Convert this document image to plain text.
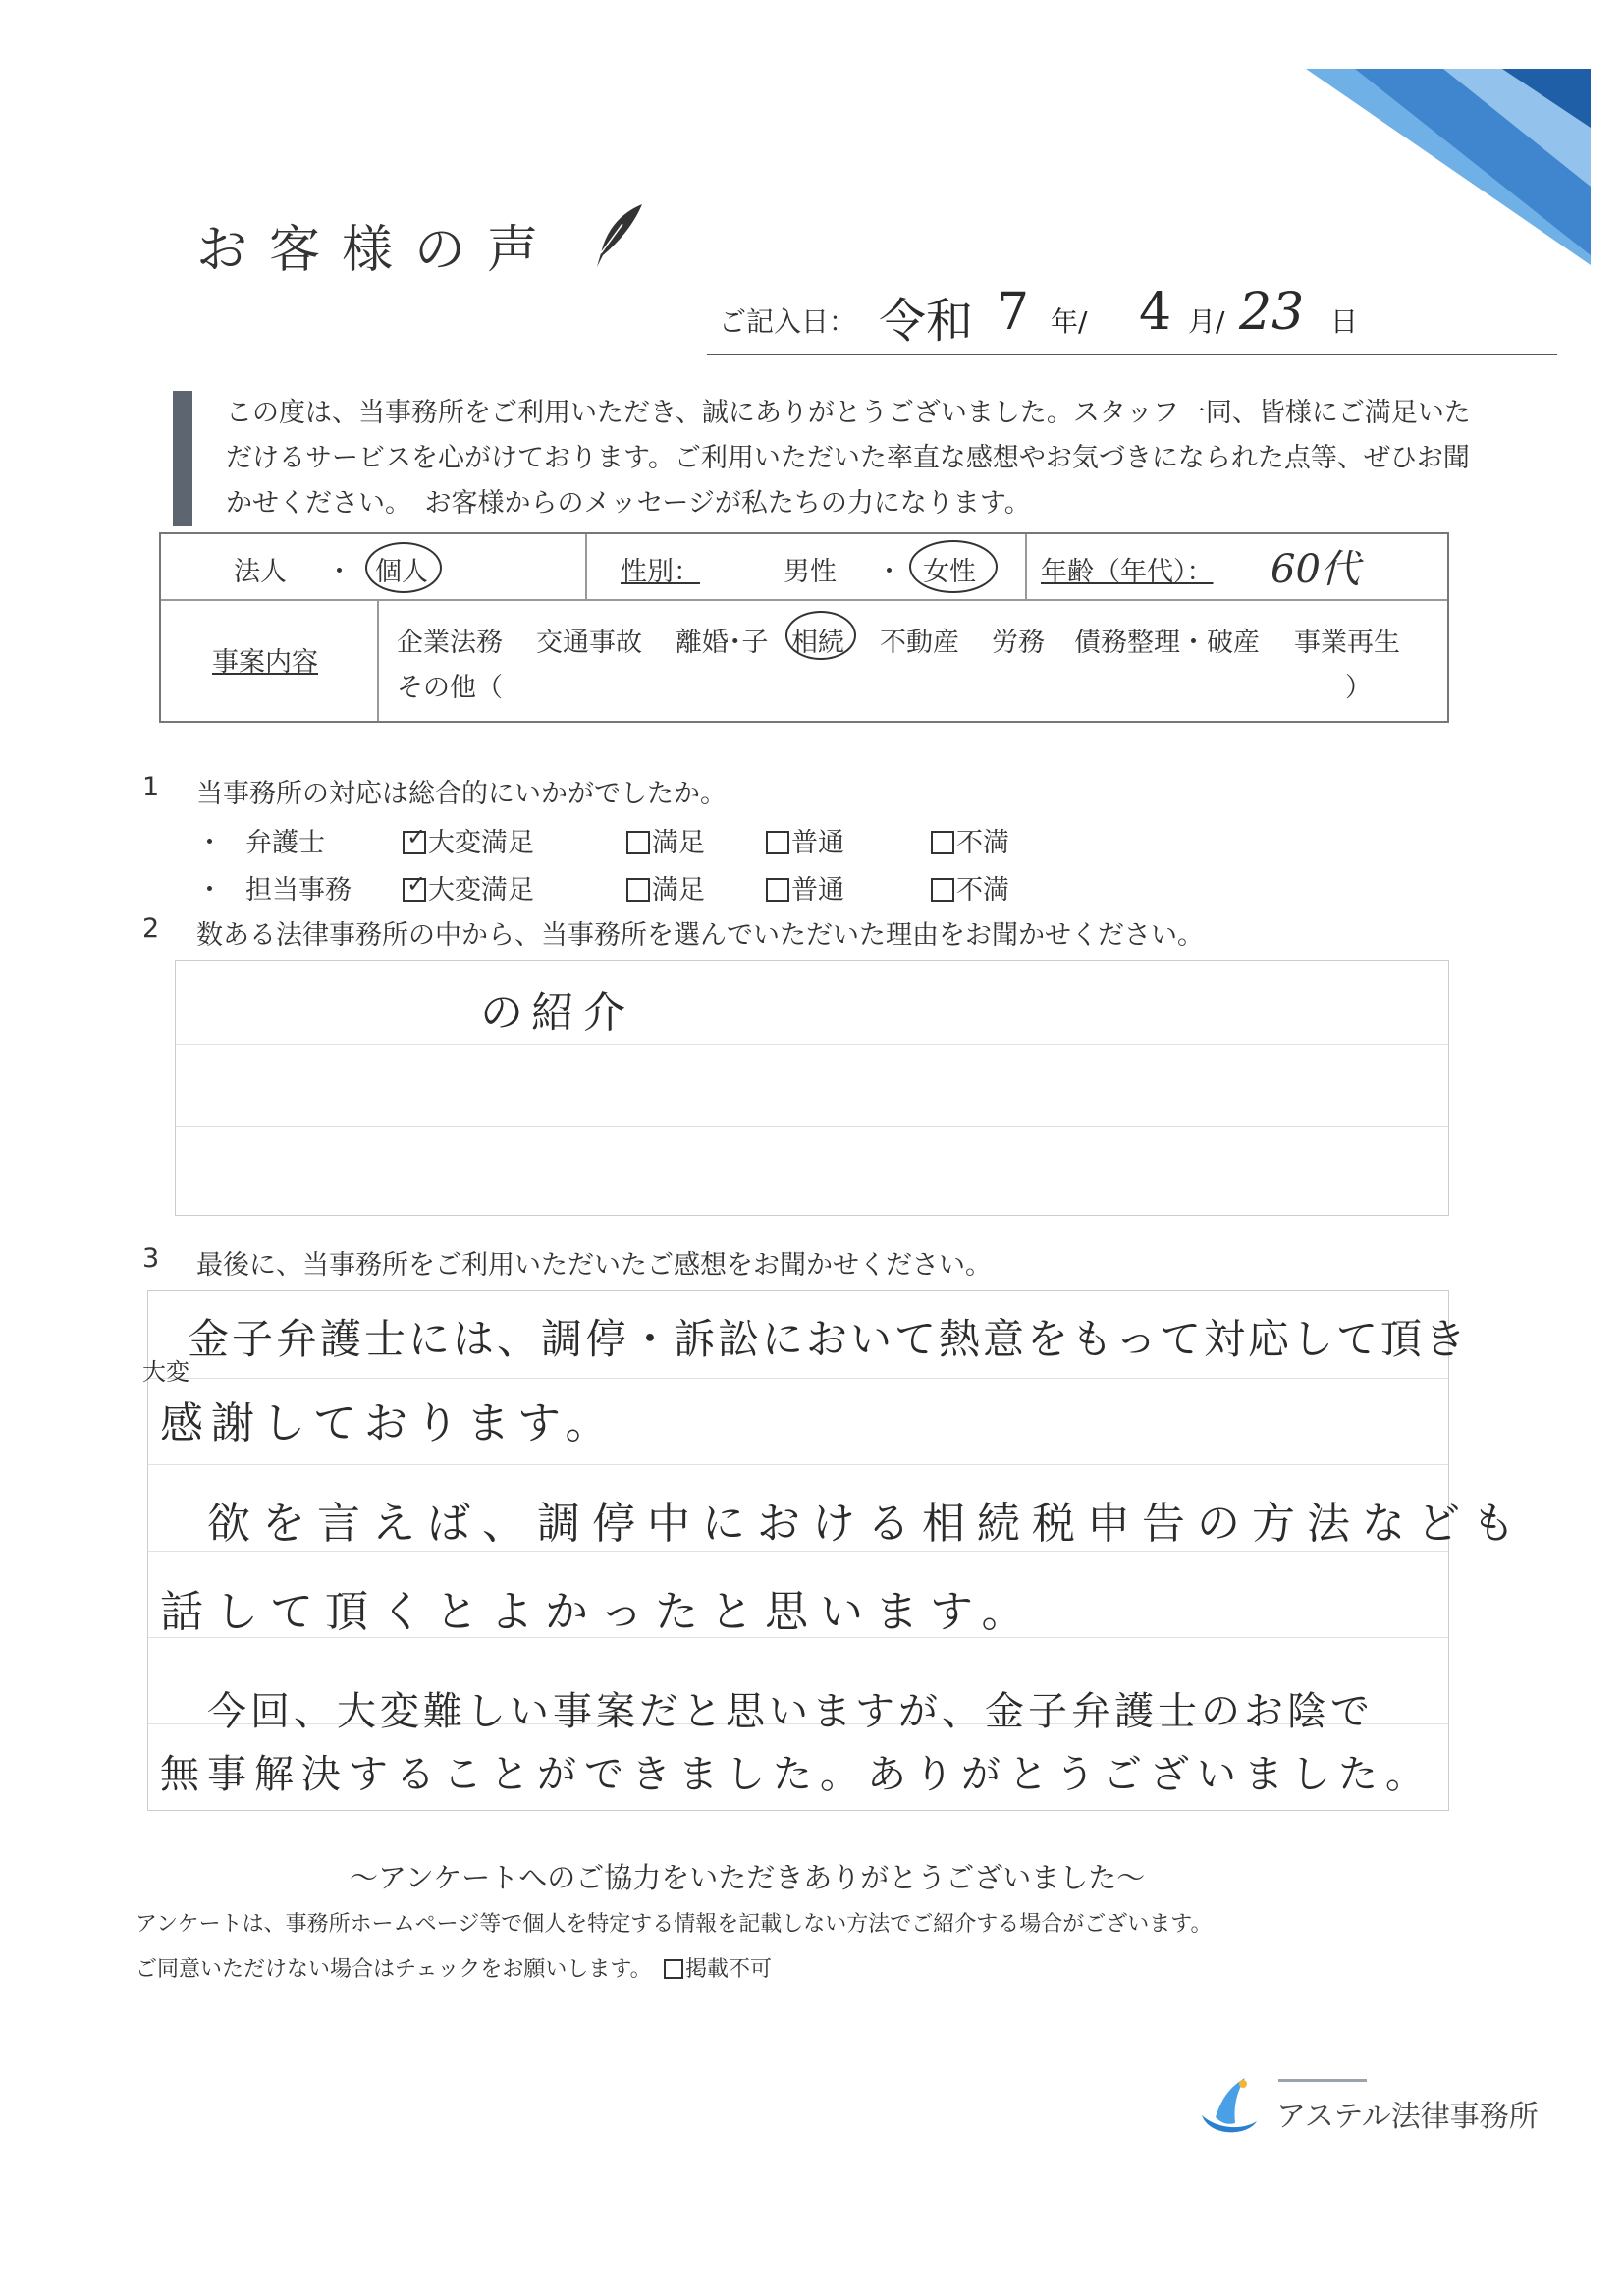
お客様の声
ご記入日： 令和 7 年/ 4 月/ 23 日

この度は、当事務所をご利用いただき、誠にありがとうございました。スタッフ一同、皆様にご満足いただけるサービスを心がけております。ご利用いただいた率直な感想やお気づきになられた点等、ぜひお聞かせください。　お客様からのメッセージが私たちの力になります。

法人 ・ 個人	性別：	男性 ・ 女性 年齢（年代）： 60代
事案内容
企業法務 交通事故 離婚･子 相続 不動産 労務 債務整理・破産 事業再生
その他（	）
1 当事務所の対応は総合的にいかがでしたか。
・ 弁護士	✓ 大変満足	満足	普通	不満
・ 担当事務 ✓ 大変満足	満足	普通	不満
2 数ある法律事務所の中から、当事務所を選んでいただいた理由をお聞かせください。
の紹介
3 最後に、当事務所をご利用いただいたご感想をお聞かせください。
大変
金子弁護士には、調停・訴訟において熱意をもって対応して頂き
感謝しております。
欲を言えば、調停中における相続税申告の方法なども
話して頂くとよかったと思います。
今回、大変難しい事案だと思いますが、金子弁護士のお陰で
無事解決することができました。ありがとうございました。
～アンケートへのご協力をいただきありがとうございました～
アンケートは、事務所ホームページ等で個人を特定する情報を記載しない方法でご紹介する場合がございます。
ご同意いただけない場合はチェックをお願いします。	掲載不可
アステル法律事務所
